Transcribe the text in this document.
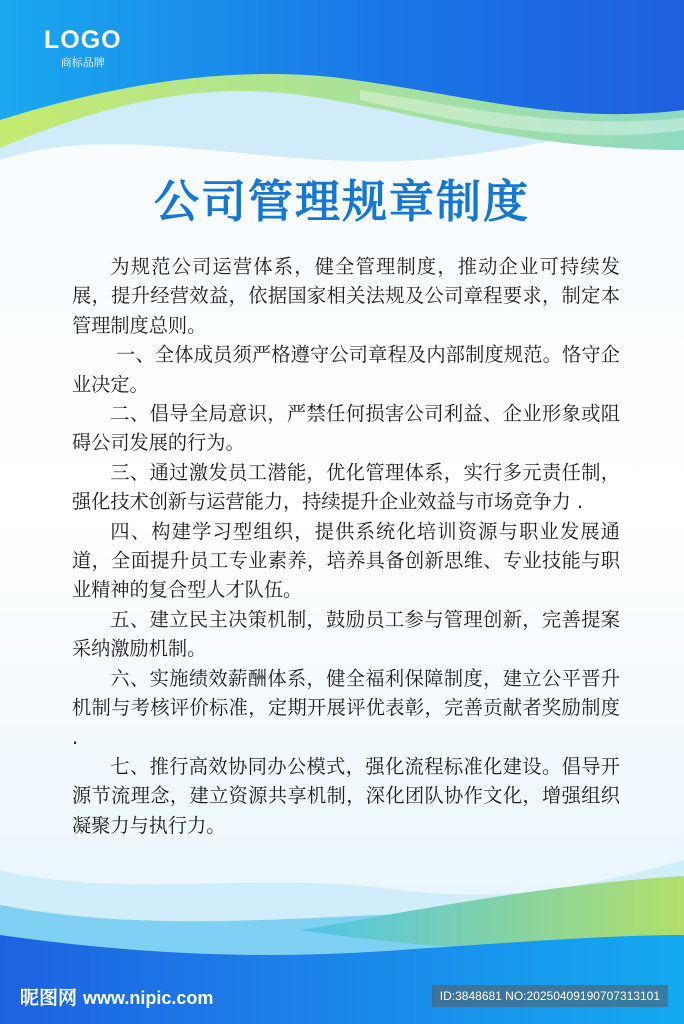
LOGO
商标品牌
公司管理规章制度

为规范公司运营体系，健全管理制度，推动企业可持续发展，提升经营效益，依据国家相关法规及公司章程要求，制定本管理制度总则。

一、全体成员须严格遵守公司章程及内部制度规范。恪守企业决定。

二、倡导全局意识，严禁任何损害公司利益、企业形象或阻碍公司发展的行为。

三、通过激发员工潜能，优化管理体系，实行多元责任制，强化技术创新与运营能力，持续提升企业效益与市场竞争力 .

四、构建学习型组织，提供系统化培训资源与职业发展通道，全面提升员工专业素养，培养具备创新思维、专业技能与职业精神的复合型人才队伍。

五、建立民主决策机制，鼓励员工参与管理创新，完善提案采纳激励机制。

六、实施绩效薪酬体系，健全福利保障制度，建立公平晋升机制与考核评价标准，定期开展评优表彰，完善贡献者奖励制度 .

七、推行高效协同办公模式，强化流程标准化建设。倡导开源节流理念，建立资源共享机制，深化团队协作文化，增强组织凝聚力与执行力。

昵图网 www.nipic.com	ID:3848681 NO:20250409190707313101
